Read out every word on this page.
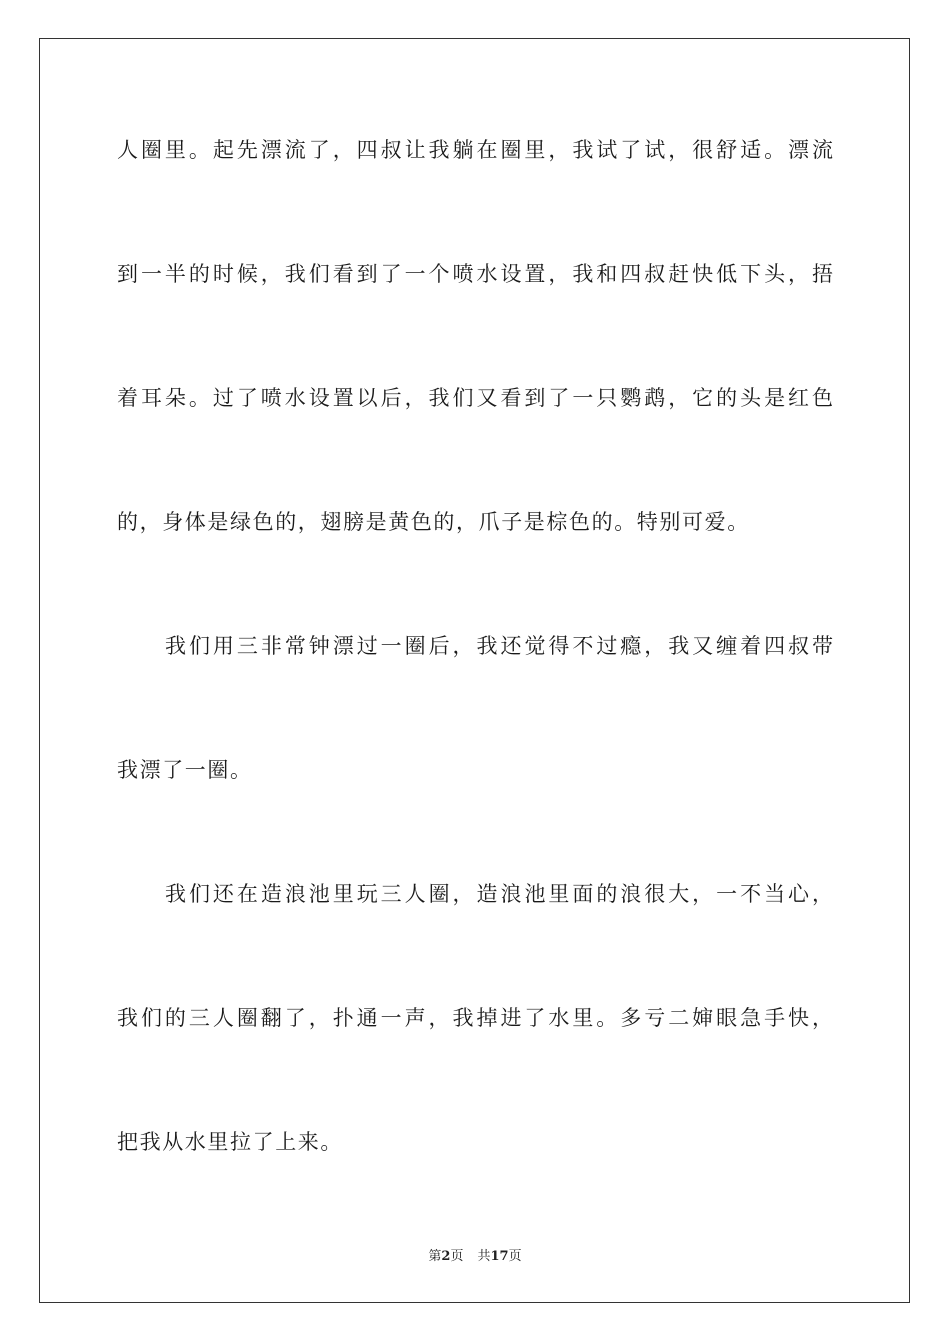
人圈里。起先漂流了，四叔让我躺在圈里，我试了试，很舒适。漂流
到一半的时候，我们看到了一个喷水设置，我和四叔赶快低下头，捂
着耳朵。过了喷水设置以后，我们又看到了一只鹦鹉，它的头是红色
的，身体是绿色的，翅膀是黄色的，爪子是棕色的。特别可爱。
我们用三非常钟漂过一圈后，我还觉得不过瘾，我又缠着四叔带
我漂了一圈。
我们还在造浪池里玩三人圈，造浪池里面的浪很大，一不当心，
我们的三人圈翻了，扑通一声，我掉进了水里。多亏二婶眼急手快，
把我从水里拉了上来。
第2页 共17页
